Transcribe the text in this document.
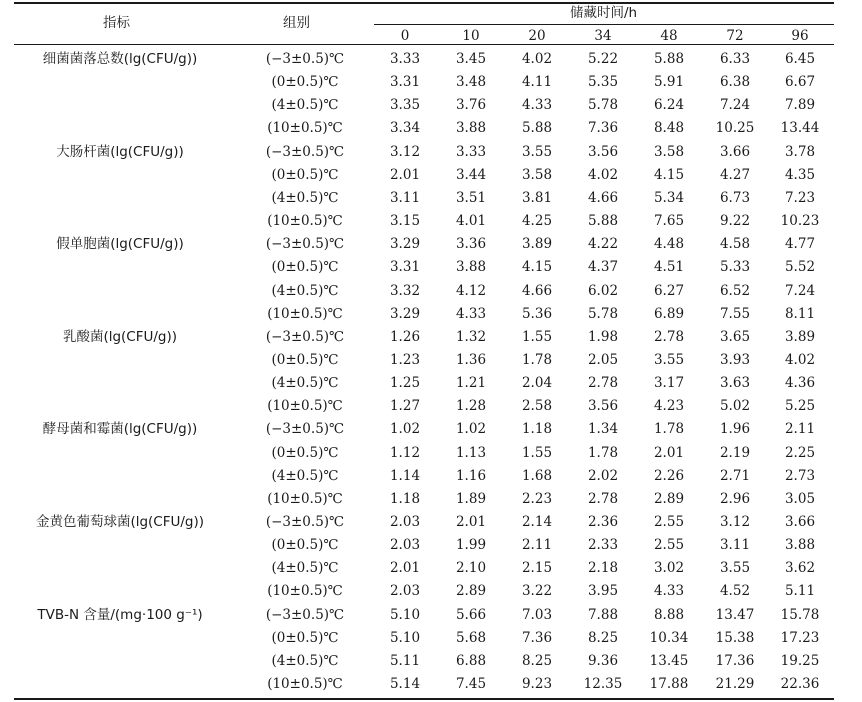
指标	组别
储藏时间/h
0	10	20	34	48	72	96
细菌菌落总数(lg(CFU/g))	(−3±0.5)℃	3.33	3.45	4.02	5.22	5.88	6.33	6.45
(0±0.5)℃	3.31	3.48	4.11	5.35	5.91	6.38	6.67
(4±0.5)℃	3.35	3.76	4.33	5.78	6.24	7.24	7.89
(10±0.5)℃	3.34	3.88	5.88	7.36	8.48	10.25	13.44
大肠杆菌(lg(CFU/g))	(−3±0.5)℃	3.12	3.33	3.55	3.56	3.58	3.66	3.78
(0±0.5)℃	2.01	3.44	3.58	4.02	4.15	4.27	4.35
(4±0.5)℃	3.11	3.51	3.81	4.66	5.34	6.73	7.23
(10±0.5)℃	3.15	4.01	4.25	5.88	7.65	9.22	10.23
假单胞菌(lg(CFU/g))	(−3±0.5)℃	3.29	3.36	3.89	4.22	4.48	4.58	4.77
(0±0.5)℃	3.31	3.88	4.15	4.37	4.51	5.33	5.52
(4±0.5)℃	3.32	4.12	4.66	6.02	6.27	6.52	7.24
(10±0.5)℃	3.29	4.33	5.36	5.78	6.89	7.55	8.11
乳酸菌(lg(CFU/g))	(−3±0.5)℃	1.26	1.32	1.55	1.98	2.78	3.65	3.89
(0±0.5)℃	1.23	1.36	1.78	2.05	3.55	3.93	4.02
(4±0.5)℃	1.25	1.21	2.04	2.78	3.17	3.63	4.36
(10±0.5)℃	1.27	1.28	2.58	3.56	4.23	5.02	5.25
酵母菌和霉菌(lg(CFU/g))	(−3±0.5)℃	1.02	1.02	1.18	1.34	1.78	1.96	2.11
(0±0.5)℃	1.12	1.13	1.55	1.78	2.01	2.19	2.25
(4±0.5)℃	1.14	1.16	1.68	2.02	2.26	2.71	2.73
(10±0.5)℃	1.18	1.89	2.23	2.78	2.89	2.96	3.05
金黄色葡萄球菌(lg(CFU/g))	(−3±0.5)℃	2.03	2.01	2.14	2.36	2.55	3.12	3.66
(0±0.5)℃	2.03	1.99	2.11	2.33	2.55	3.11	3.88
(4±0.5)℃	2.01	2.10	2.15	2.18	3.02	3.55	3.62
(10±0.5)℃	2.03	2.89	3.22	3.95	4.33	4.52	5.11
TVB-N 含量/(mg·100 g⁻¹)	(−3±0.5)℃	5.10	5.66	7.03	7.88	8.88	13.47	15.78
(0±0.5)℃	5.10	5.68	7.36	8.25	10.34	15.38	17.23
(4±0.5)℃	5.11	6.88	8.25	9.36	13.45	17.36	19.25
(10±0.5)℃	5.14	7.45	9.23	12.35	17.88	21.29	22.36
